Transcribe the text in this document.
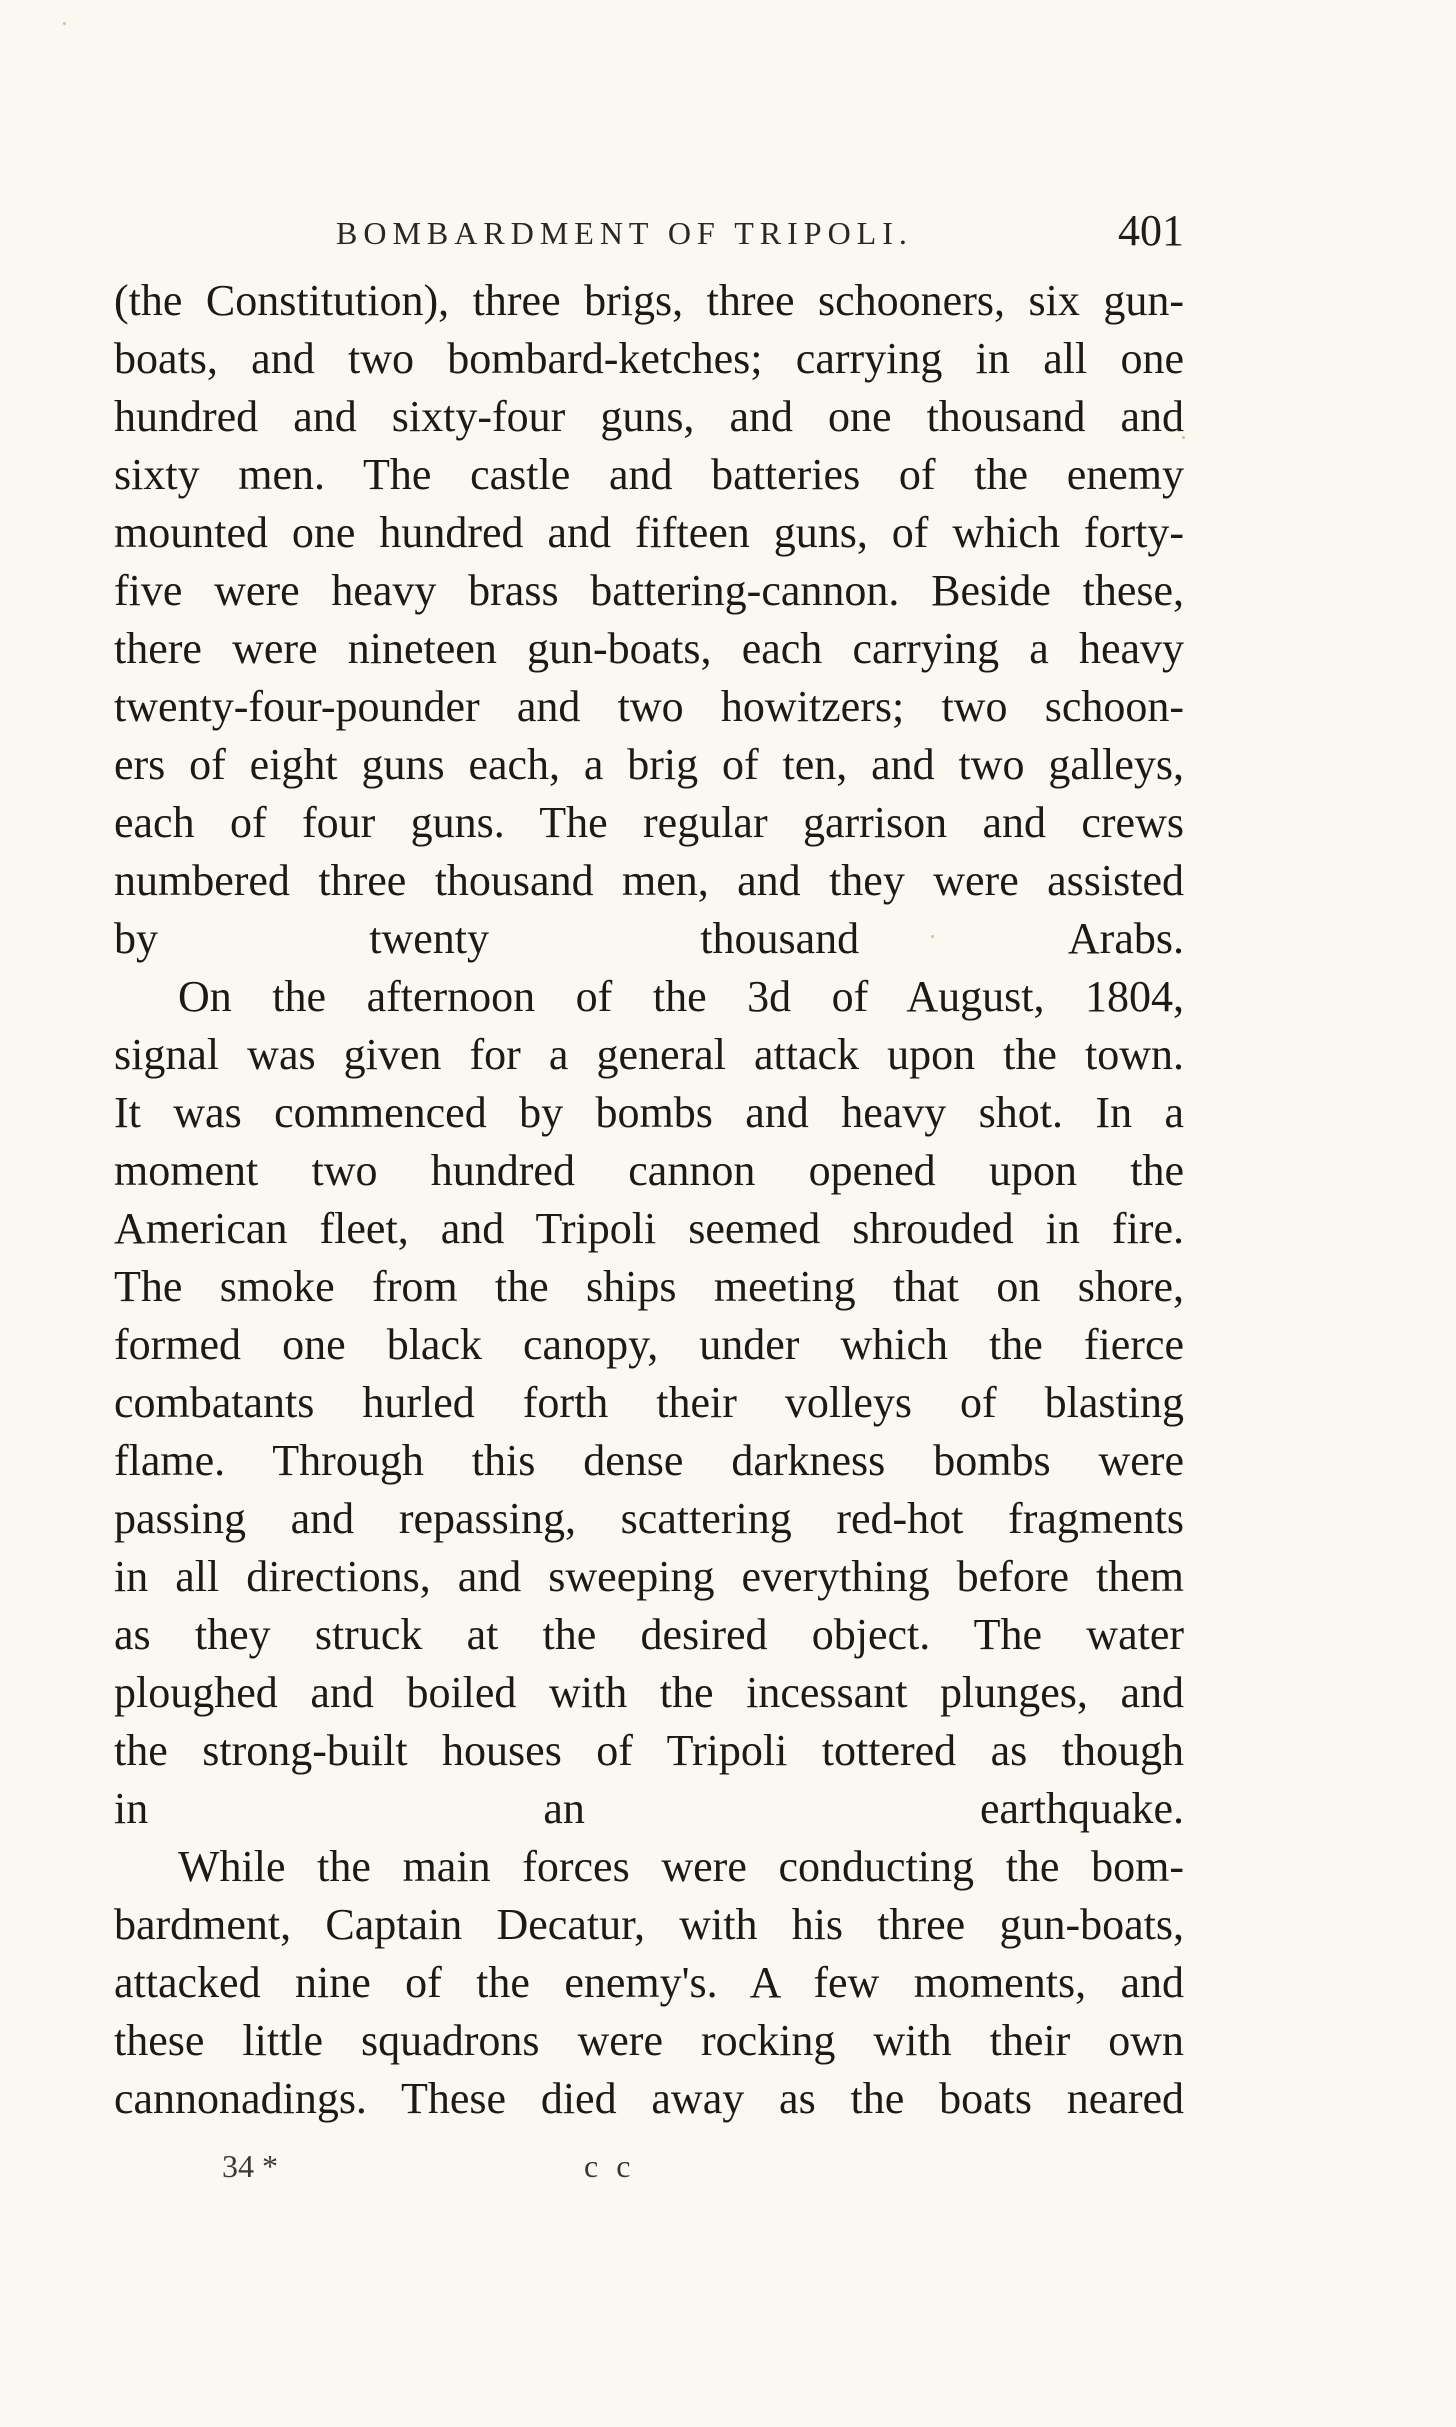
BOMBARDMENT OF TRIPOLI.	401

(the Constitution), three brigs, three schooners, six gun-
boats, and two bombard-ketches; carrying in all one
hundred and sixty-four guns, and one thousand and
sixty men. The castle and batteries of the enemy
mounted one hundred and fifteen guns, of which forty-
five were heavy brass battering-cannon. Beside these,
there were nineteen gun-boats, each carrying a heavy
twenty-four-pounder and two howitzers; two schoon-
ers of eight guns each, a brig of ten, and two galleys,
each of four guns. The regular garrison and crews
numbered three thousand men, and they were assisted
by twenty thousand Arabs.

On the afternoon of the 3d of August, 1804,
signal was given for a general attack upon the town.
It was commenced by bombs and heavy shot. In a
moment two hundred cannon opened upon the
American fleet, and Tripoli seemed shrouded in fire.
The smoke from the ships meeting that on shore,
formed one black canopy, under which the fierce
combatants hurled forth their volleys of blasting
flame. Through this dense darkness bombs were
passing and repassing, scattering red-hot fragments
in all directions, and sweeping everything before them
as they struck at the desired object. The water
ploughed and boiled with the incessant plunges, and
the strong-built houses of Tripoli tottered as though
in an earthquake.

While the main forces were conducting the bom-
bardment, Captain Decatur, with his three gun-boats,
attacked nine of the enemy's. A few moments, and
these little squadrons were rocking with their own
cannonadings. These died away as the boats neared

34 *	c c
